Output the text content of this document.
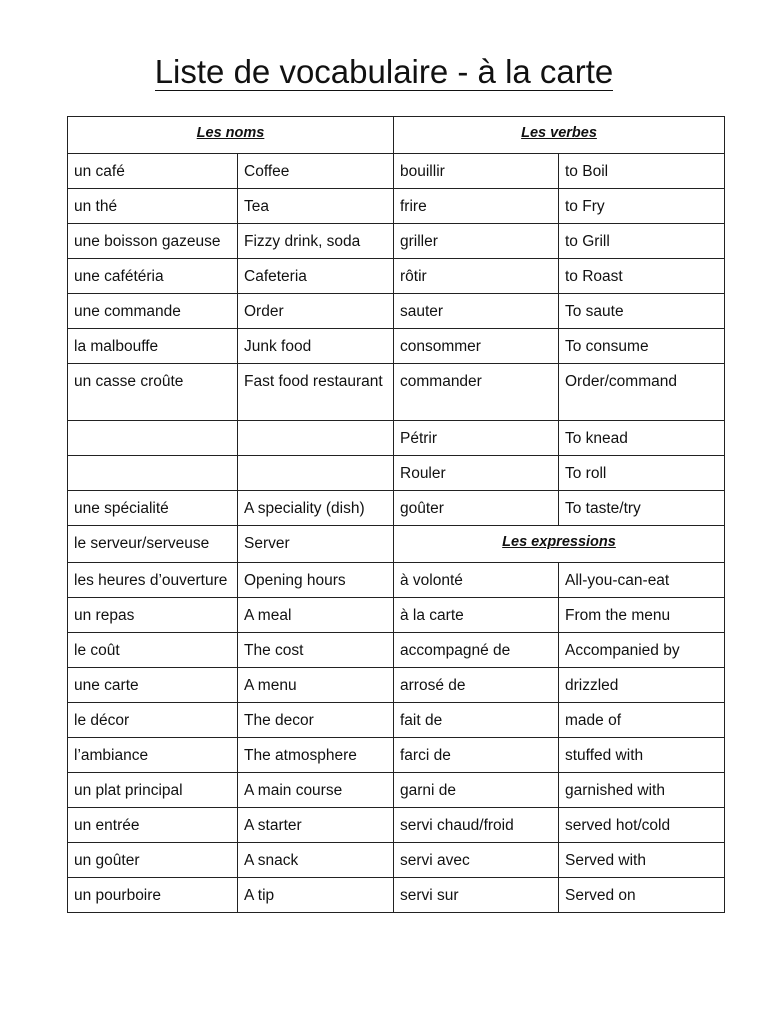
Liste de vocabulaire - à la carte
Les noms		Les verbes	
un café	Coffee	bouillir	to Boil
un thé	Tea	frire	to Fry
une boisson gazeuse	Fizzy drink, soda	griller	to Grill
une cafétéria	Cafeteria	rôtir	to Roast
une commande	Order	sauter	To saute
la malbouffe	Junk food	consommer	To consume
un casse croûte	Fast food restaurant	commander	Order/command
		Pétrir	To knead
		Rouler	To roll
une spécialité	A speciality (dish)	goûter	To taste/try
le serveur/serveuse	Server	Les expressions	
les heures d’ouverture	Opening hours	à volonté	All-you-can-eat
un repas	A meal	à la carte	From the menu
le coût	The cost	accompagné de	Accompanied by
une carte	A menu	arrosé de	drizzled
le décor	The decor	fait de	made of
l’ambiance	The atmosphere	farci de	stuffed with
un plat principal	A main course	garni de	garnished with
un entrée	A starter	servi chaud/froid	served hot/cold
un goûter	A snack	servi avec	Served with
un pourboire	A tip	servi sur	Served on
